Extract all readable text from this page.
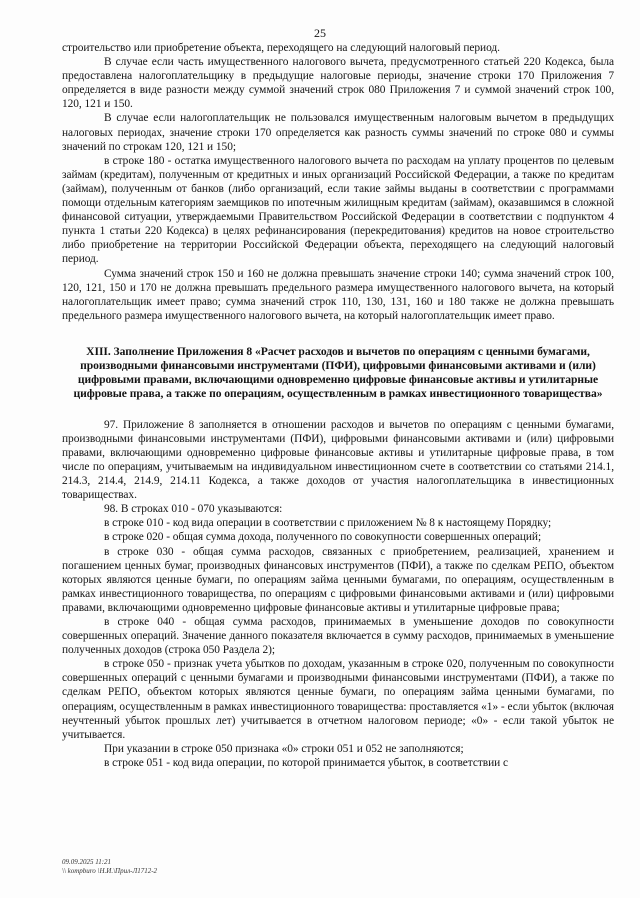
25

строительство или приобретение объекта, переходящего на следующий налоговый период.

В случае если часть имущественного налогового вычета, предусмотренного статьей 220 Кодекса, была предоставлена налогоплательщику в предыдущие налоговые периоды, значение строки 170 Приложения 7 определяется в виде разности между суммой значений строк 080 Приложения 7 и суммой значений строк 100, 120, 121 и 150.

В случае если налогоплательщик не пользовался имущественным налоговым вычетом в предыдущих налоговых периодах, значение строки 170 определяется как разность суммы значений по строке 080 и суммы значений по строкам 120, 121 и 150;

в строке 180 - остатка имущественного налогового вычета по расходам на уплату процентов по целевым займам (кредитам), полученным от кредитных и иных организаций Российской Федерации, а также по кредитам (займам), полученным от банков (либо организаций, если такие займы выданы в соответствии с программами помощи отдельным категориям заемщиков по ипотечным жилищным кредитам (займам), оказавшимся в сложной финансовой ситуации, утверждаемыми Правительством Российской Федерации в соответствии с подпунктом 4 пункта 1 статьи 220 Кодекса) в целях рефинансирования (перекредитования) кредитов на новое строительство либо приобретение на территории Российской Федерации объекта, переходящего на следующий налоговый период.

Сумма значений строк 150 и 160 не должна превышать значение строки 140; сумма значений строк 100, 120, 121, 150 и 170 не должна превышать предельного размера имущественного налогового вычета, на который налогоплательщик имеет право; сумма значений строк 110, 130, 131, 160 и 180 также не должна превышать предельного размера имущественного налогового вычета, на который налогоплательщик имеет право.

XIII. Заполнение Приложения 8 «Расчет расходов и вычетов по операциям с ценными бумагами, производными финансовыми инструментами (ПФИ), цифровыми финансовыми активами и (или) цифровыми правами, включающими одновременно цифровые финансовые активы и утилитарные цифровые права, а также по операциям, осуществленным в рамках инвестиционного товарищества»

97. Приложение 8 заполняется в отношении расходов и вычетов по операциям с ценными бумагами, производными финансовыми инструментами (ПФИ), цифровыми финансовыми активами и (или) цифровыми правами, включающими одновременно цифровые финансовые активы и утилитарные цифровые права, в том числе по операциям, учитываемым на индивидуальном инвестиционном счете в соответствии со статьями 214.1, 214.3, 214.4, 214.9, 214.11 Кодекса, а также доходов от участия налогоплательщика в инвестиционных товариществах.

98. В строках 010 - 070 указываются:

в строке 010 - код вида операции в соответствии с приложением № 8 к настоящему Порядку;

в строке 020 - общая сумма дохода, полученного по совокупности совершенных операций;

в строке 030 - общая сумма расходов, связанных с приобретением, реализацией, хранением и погашением ценных бумаг, производных финансовых инструментов (ПФИ), а также по сделкам РЕПО, объектом которых являются ценные бумаги, по операциям займа ценными бумагами, по операциям, осуществленным в рамках инвестиционного товарищества, по операциям с цифровыми финансовыми активами и (или) цифровыми правами, включающими одновременно цифровые финансовые активы и утилитарные цифровые права;

в строке 040 - общая сумма расходов, принимаемых в уменьшение доходов по совокупности совершенных операций. Значение данного показателя включается в сумму расходов, принимаемых в уменьшение полученных доходов (строка 050 Раздела 2);

в строке 050 - признак учета убытков по доходам, указанным в строке 020, полученным по совокупности совершенных операций с ценными бумагами и производными финансовыми инструментами (ПФИ), а также по сделкам РЕПО, объектом которых являются ценные бумаги, по операциям займа ценными бумагами, по операциям, осуществленным в рамках инвестиционного товарищества: проставляется «1» - если убыток (включая неучтенный убыток прошлых лет) учитывается в отчетном налоговом периоде; «0» - если такой убыток не учитывается.

При указании в строке 050 признака «0» строки 051 и 052 не заполняются;

в строке 051 - код вида операции, по которой принимается убыток, в соответствии с

09.09.2025 11:21
\\ kompburo \Н.И.\Прил-Л1712-2
